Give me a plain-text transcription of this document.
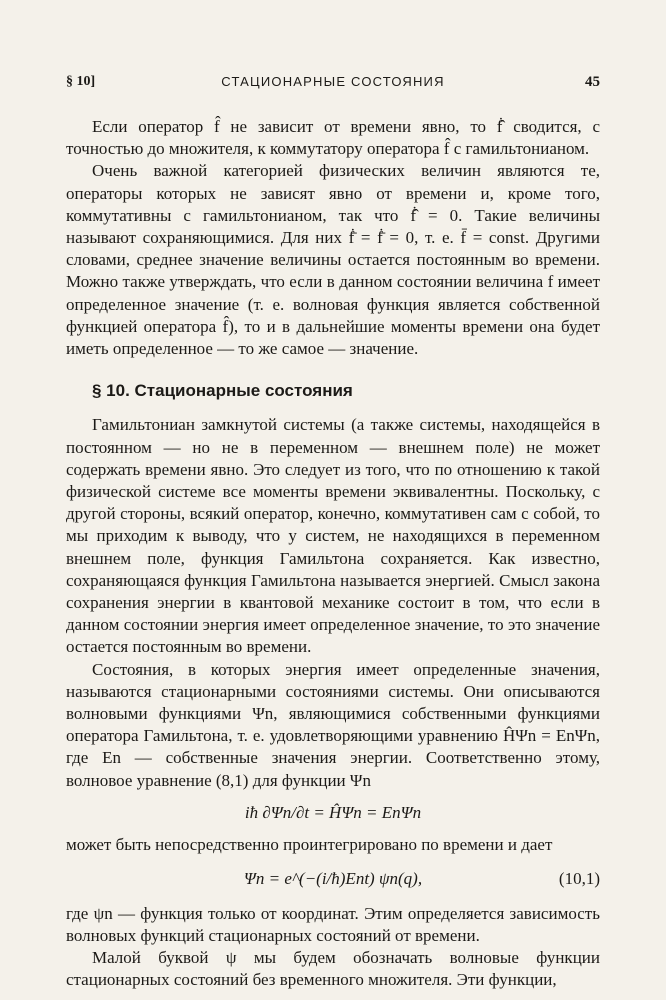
§ 10]	СТАЦИОНАРНЫЕ СОСТОЯНИЯ	45

Если оператор f̂ не зависит от времени явно, то ḟ̂ сводится, с точностью до множителя, к коммутатору оператора f̂ с гамильтонианом.

Очень важной категорией физических величин являются те, операторы которых не зависят явно от времени и, кроме того, коммутативны с гамильтонианом, так что ḟ̂ = 0. Такие величины называют сохраняющимися. Для них ḟ̄ = ḟ̄ = 0, т. е. f̄ = const. Другими словами, среднее значение величины остается постоянным во времени. Можно также утверждать, что если в данном состоянии величина f имеет определенное значение (т. е. волновая функция является собственной функцией оператора f̂), то и в дальнейшие моменты времени она будет иметь определенное — то же самое — значение.

§ 10. Стационарные состояния

Гамильтониан замкнутой системы (а также системы, находящейся в постоянном — но не в переменном — внешнем поле) не может содержать времени явно. Это следует из того, что по отношению к такой физической системе все моменты времени эквивалентны. Поскольку, с другой стороны, всякий оператор, конечно, коммутативен сам с собой, то мы приходим к выводу, что у систем, не находящихся в переменном внешнем поле, функция Гамильтона сохраняется. Как известно, сохраняющаяся функция Гамильтона называется энергией. Смысл закона сохранения энергии в квантовой механике состоит в том, что если в данном состоянии энергия имеет определенное значение, то это значение остается постоянным во времени.

Состояния, в которых энергия имеет определенные значения, называются стационарными состояниями системы. Они описываются волновыми функциями Ψn, являющимися собственными функциями оператора Гамильтона, т. е. удовлетворяющими уравнению ĤΨn = EnΨn, где En — собственные значения энергии. Соответственно этому, волновое уравнение (8,1) для функции Ψn

iħ ∂Ψn/∂t = ĤΨn = EnΨn

может быть непосредственно проинтегрировано по времени и дает

Ψn = e^(−(i/ħ)Ent) ψn(q),	(10,1)

где ψn — функция только от координат. Этим определяется зависимость волновых функций стационарных состояний от времени.

Малой буквой ψ мы будем обозначать волновые функции стационарных состояний без временного множителя. Эти функции,
